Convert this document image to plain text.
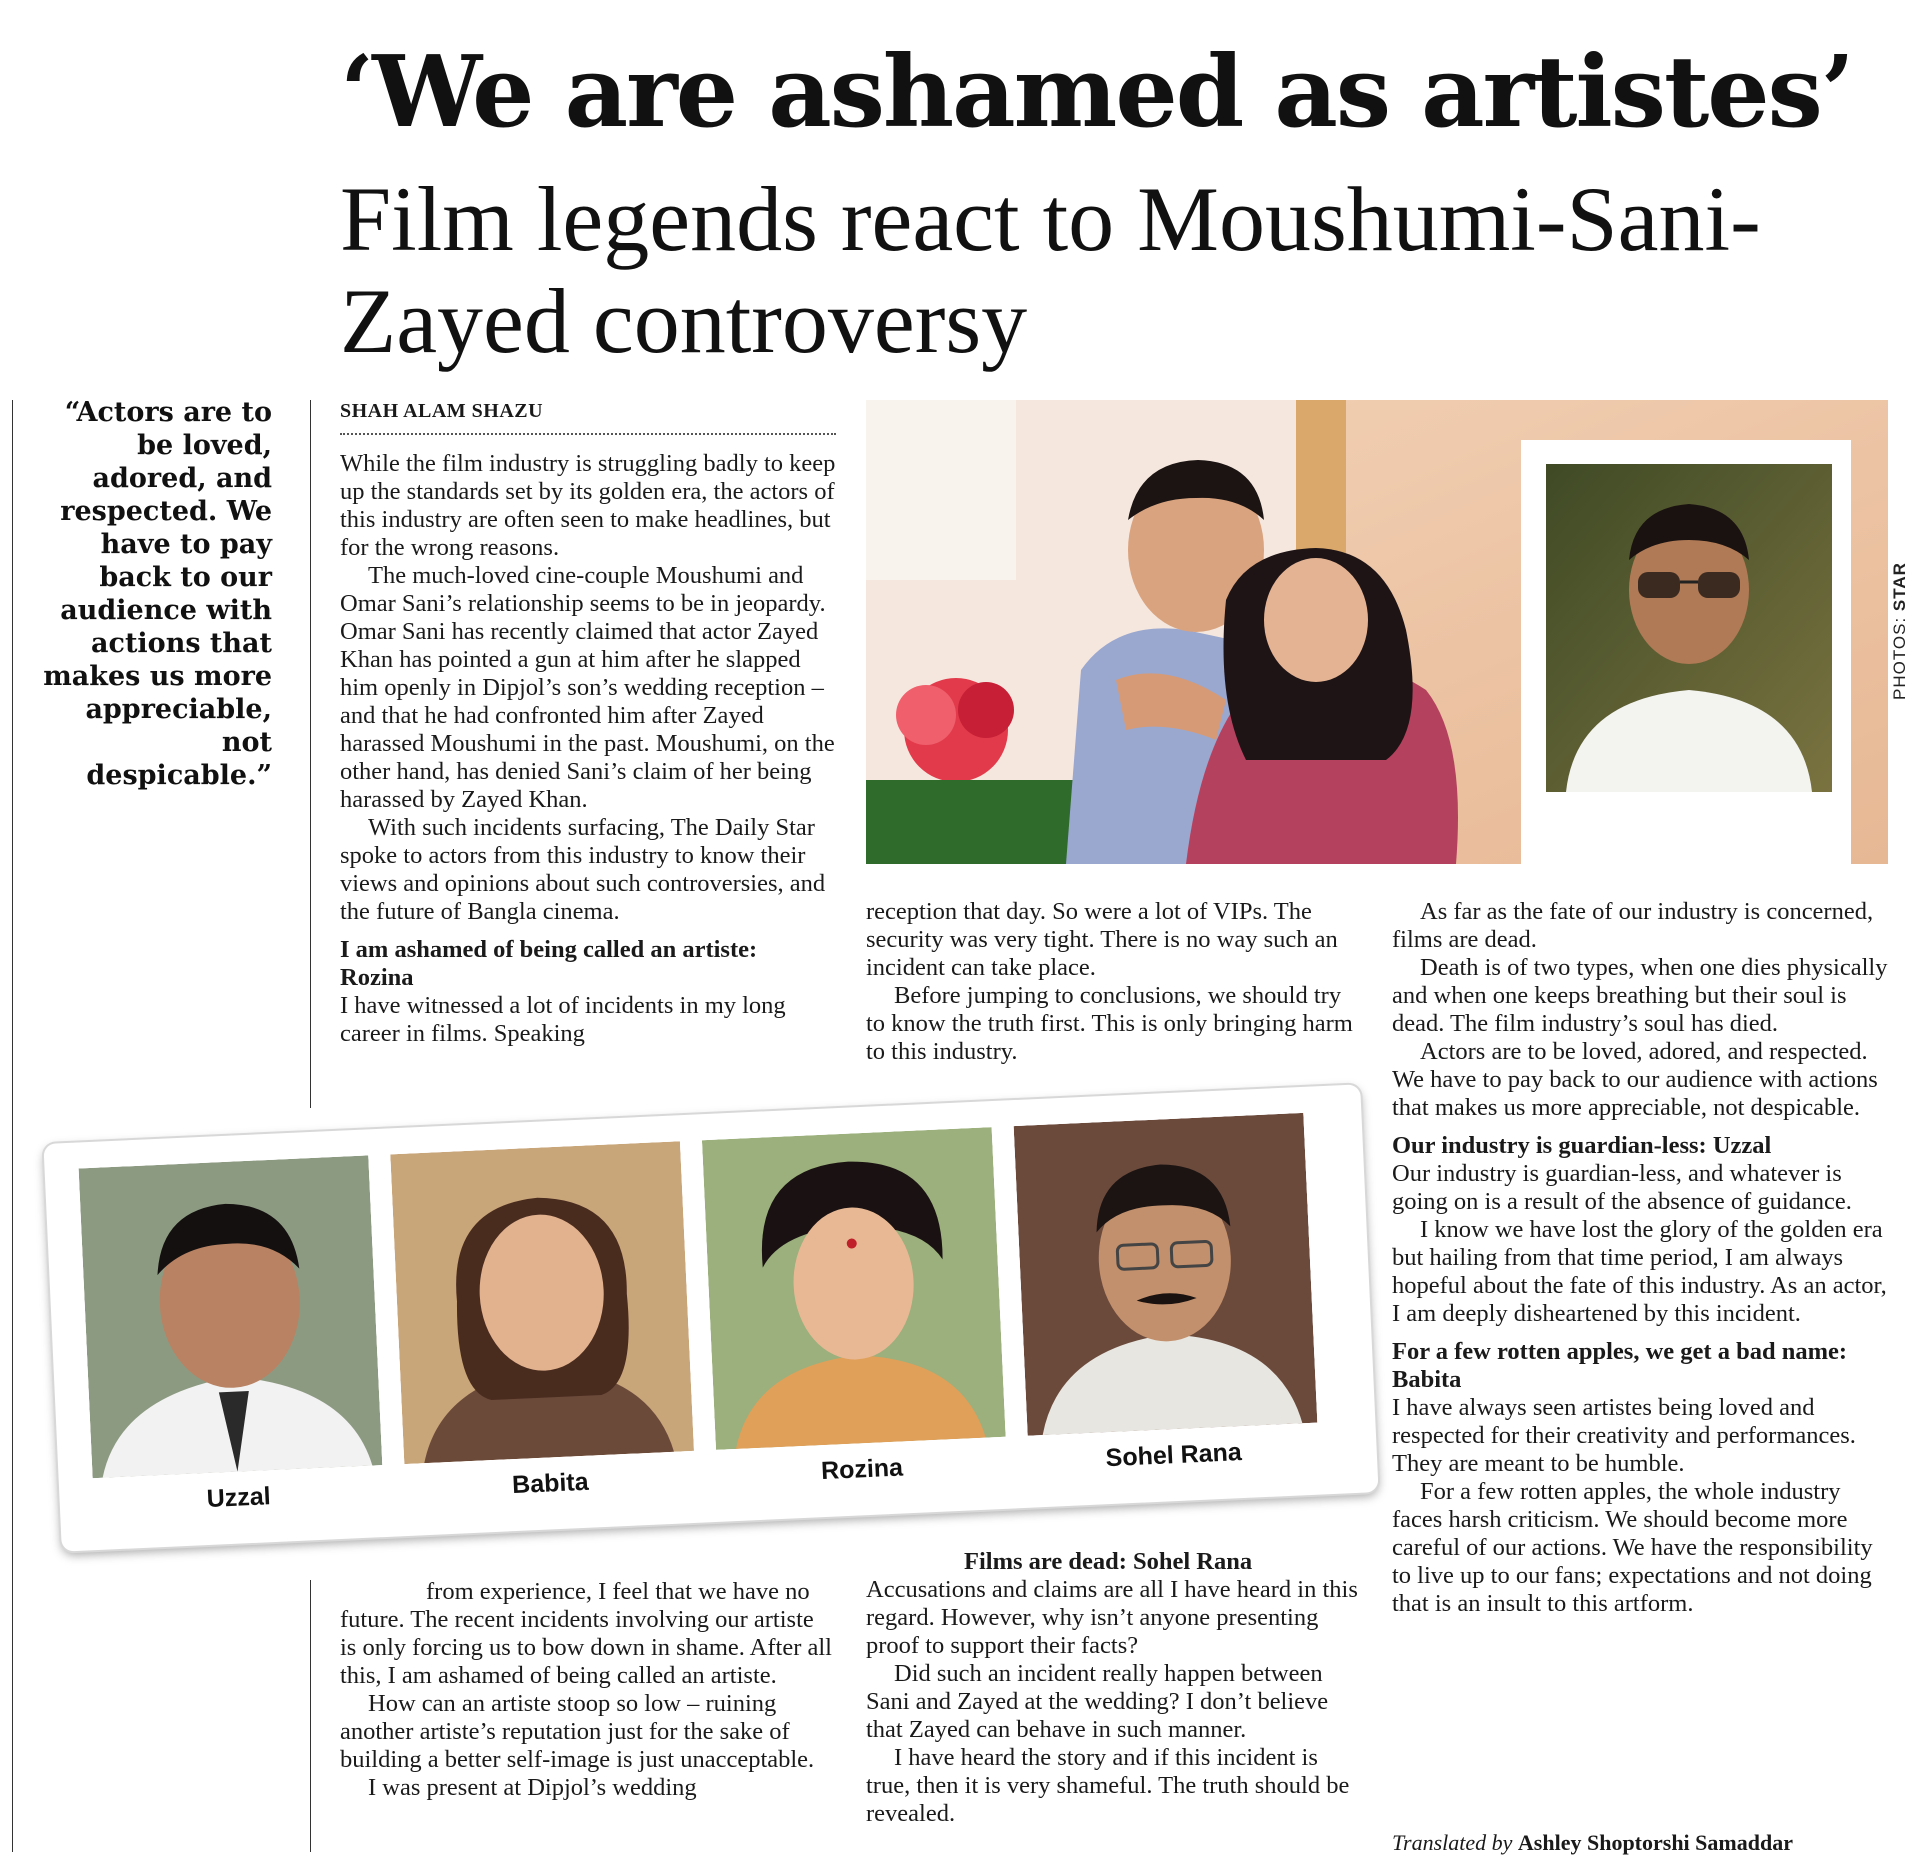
‘We are ashamed as artistes’
Film legends react to Moushumi-Sani-Zayed controversy
“Actors are to be loved, adored, and respected. We have to pay back to our audience with actions that makes us more appreciable, not despicable.”
SHAH ALAM SHAZU

While the film industry is struggling badly to keep up the standards set by its golden era, the actors of this industry are often seen to make headlines, but for the wrong reasons.

The much-loved cine-couple Moushumi and Omar Sani’s relationship seems to be in jeopardy. Omar Sani has recently claimed that actor Zayed Khan has pointed a gun at him after he slapped him openly in Dipjol’s son’s wedding reception – and that he had confronted him after Zayed harassed Moushumi in the past. Moushumi, on the other hand, has denied Sani’s claim of her being harassed by Zayed Khan.

With such incidents surfacing, The Daily Star spoke to actors from this industry to know their views and opinions about such controversies, and the future of Bangla cinema.

I am ashamed of being called an artiste: Rozina

I have witnessed a lot of incidents in my long career in films. Speaking

PHOTOS: STAR

reception that day. So were a lot of VIPs. The security was very tight. There is no way such an incident can take place.

Before jumping to conclusions, we should try to know the truth first. This is only bringing harm to this industry.

As far as the fate of our industry is concerned, films are dead.

Death is of two types, when one dies physically and when one keeps breathing but their soul is dead. The film industry’s soul has died.

Actors are to be loved, adored, and respected. We have to pay back to our audience with actions that makes us more appreciable, not despicable.

Our industry is guardian-less: Uzzal

Our industry is guardian-less, and whatever is going on is a result of the absence of guidance.

I know we have lost the glory of the golden era but hailing from that time period, I am always hopeful about the fate of this industry. As an actor, I am deeply disheartened by this incident.

For a few rotten apples, we get a bad name: Babita

I have always seen artistes being loved and respected for their creativity and performances. They are meant to be humble.

For a few rotten apples, the whole industry faces harsh criticism. We should become more careful of our actions. We have the responsibility to live up to our fans; expectations and not doing that is an insult to this artform.

Uzzal	Babita	Rozina	Sohel Rana

from experience, I feel that we have no future. The recent incidents involving our artiste is only forcing us to bow down in shame. After all this, I am ashamed of being called an artiste.

How can an artiste stoop so low – ruining another artiste’s reputation just for the sake of building a better self-image is just unacceptable.

I was present at Dipjol’s wedding

Films are dead: Sohel Rana

Accusations and claims are all I have heard in this regard. However, why isn’t anyone presenting proof to support their facts?

Did such an incident really happen between Sani and Zayed at the wedding? I don’t believe that Zayed can behave in such manner.

I have heard the story and if this incident is true, then it is very shameful. The truth should be revealed.

Translated by Ashley Shoptorshi Samaddar
